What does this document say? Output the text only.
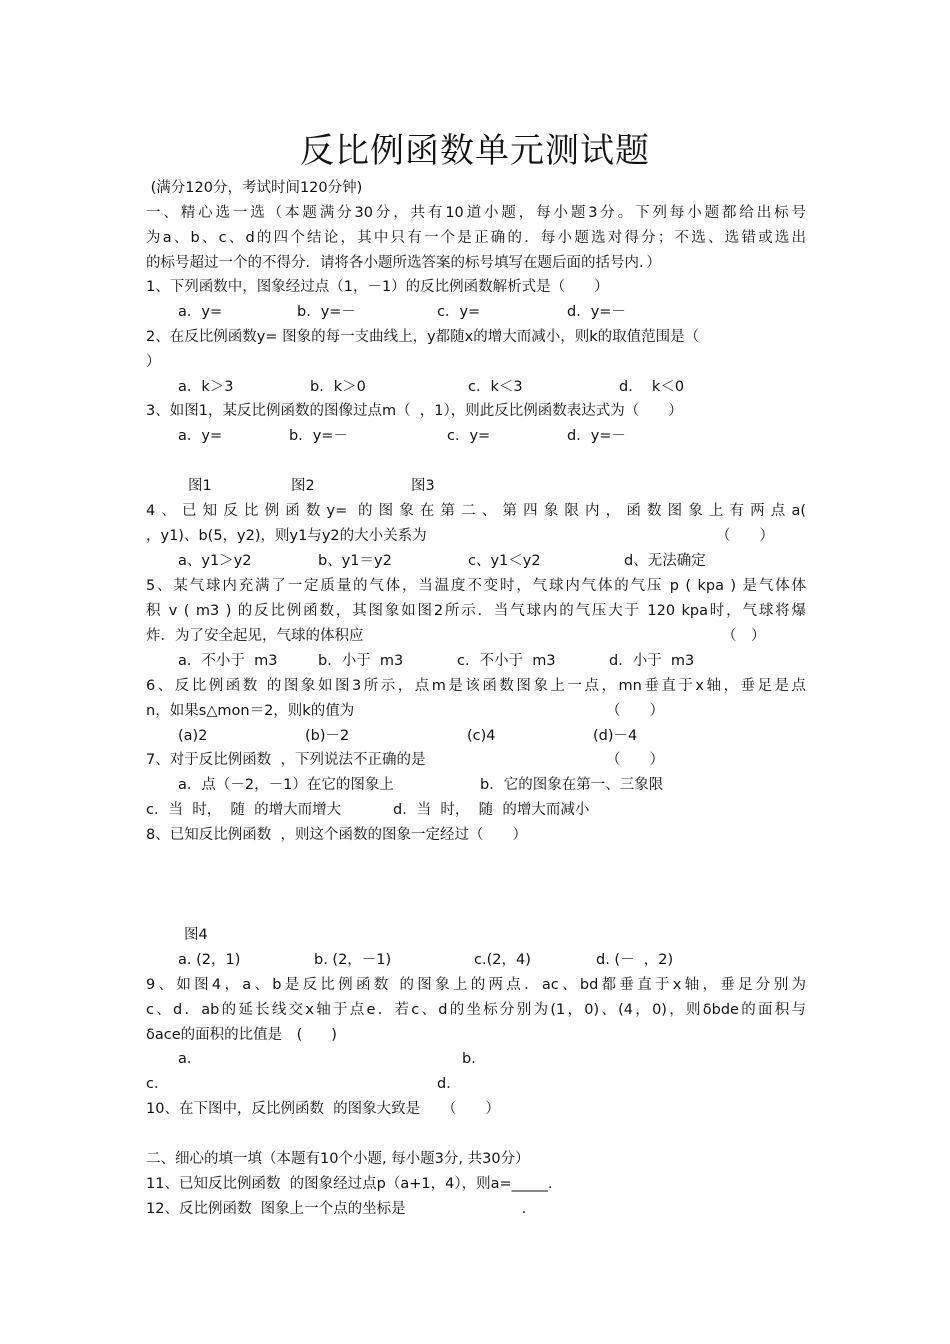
反比例函数单元测试题
(满分120分，考试时间120分钟)
一、精心选一选（本题满分30分，共有10道小题，每小题3分。下列每小题都给出标号
为a、b、c、d的四个结论，其中只有一个是正确的．每小题选对得分；不选、选错或选出
的标号超过一个的不得分．请将各小题所选答案的标号填写在题后面的括号内．）
1、下列函数中，图象经过点（1，－1）的反比例函数解析式是（　　）
a．y=	b．y=－	c．y=	d．y=－
2、在反比例函数y= 图象的每一支曲线上，y都随x的增大而减小，则k的取值范围是（
）
a．k＞3	b．k＞0	c．k＜3	d．  k＜0
3、如图1，某反比例函数的图像过点m（  ，1），则此反比例函数表达式为（　　）
a．y=	b．y=－	c．y=	d．y=－
图1	图2	图3
4、已知反比例函数y= 的图象在第二、第四象限内，函数图象上有两点a(
，y1)、b(5，y2)，则y1与y2的大小关系为	（　　）
a、y1＞y2	b、y1＝y2	c、y1＜y2	d、无法确定
5、某气球内充满了一定质量的气体，当温度不变时，气球内气体的气压 p ( kpa ) 是气体体
积 v ( m3 ) 的反比例函数，其图象如图2所示．当气球内的气压大于 120 kpa时，气球将爆
炸．为了安全起见，气球的体积应	（　）
a．不小于  m3	b．小于  m3	c．不小于  m3	d．小于  m3
6、反比例函数 的图象如图3所示，点m是该函数图象上一点，mn垂直于x轴，垂足是点
n，如果s△mon＝2，则k的值为	（　　）
(a)2	(b)－2	(c)4	(d)－4
7、对于反比例函数  ，下列说法不正确的是	（　　）
a．点（－2，－1）在它的图象上	b．它的图象在第一、三象限
c．当  时，  随  的增大而增大	d．当  时，  随  的增大而减小
8、已知反比例函数  ，则这个函数的图象一定经过（　　）
图4
a. (2，1)	b. (2，－1)	c.(2，4)	d. (－  ，2)
9、如图4，a、b是反比例函数 的图象上的两点．ac、bd都垂直于x轴，垂足分别为
c、d．ab的延长线交x轴于点e．若c、d的坐标分别为(1，0)、(4，0)，则δbde的面积与
δace的面积的比值是　(　　)
a．	b．
c．	d．
10、在下图中，反比例函数  的图象大致是　　（　　）
二、细心的填一填（本题有10个小题, 每小题3分, 共30分）
11、已知反比例函数  的图象经过点p（a+1，4），则a=_____.
12、反比例函数  图象上一个点的坐标是　　　　　　　　.
